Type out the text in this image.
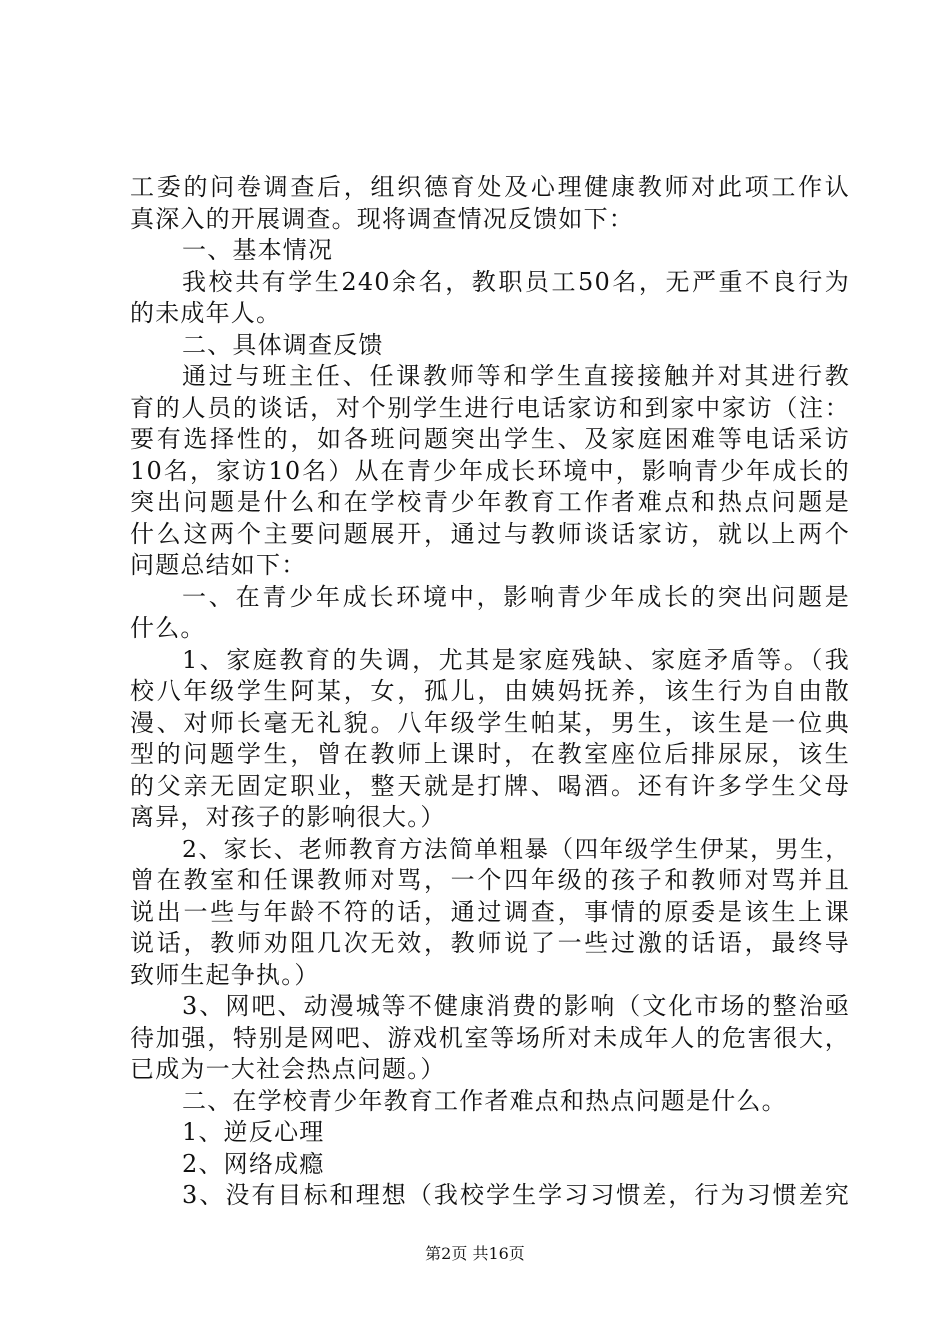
工委的问卷调查后，组织德育处及心理健康教师对此项工作认
真深入的开展调查。现将调查情况反馈如下：
一、基本情况
我校共有学生240余名，教职员工50名，无严重不良行为
的未成年人。
二、具体调查反馈
通过与班主任、任课教师等和学生直接接触并对其进行教
育的人员的谈话，对个别学生进行电话家访和到家中家访（注：
要有选择性的，如各班问题突出学生、及家庭困难等电话采访
10名，家访10名）从在青少年成长环境中，影响青少年成长的
突出问题是什么和在学校青少年教育工作者难点和热点问题是
什么这两个主要问题展开，通过与教师谈话家访，就以上两个
问题总结如下：
一、在青少年成长环境中，影响青少年成长的突出问题是
什么。
1、家庭教育的失调，尤其是家庭残缺、家庭矛盾等。（我
校八年级学生阿某，女，孤儿，由姨妈抚养，该生行为自由散
漫、对师长毫无礼貌。八年级学生帕某，男生，该生是一位典
型的问题学生，曾在教师上课时，在教室座位后排尿尿，该生
的父亲无固定职业，整天就是打牌、喝酒。还有许多学生父母
离异，对孩子的影响很大。）
2、家长、老师教育方法简单粗暴（四年级学生伊某，男生，
曾在教室和任课教师对骂，一个四年级的孩子和教师对骂并且
说出一些与年龄不符的话，通过调查，事情的原委是该生上课
说话，教师劝阻几次无效，教师说了一些过激的话语，最终导
致师生起争执。）
3、网吧、动漫城等不健康消费的影响（文化市场的整治亟
待加强，特别是网吧、游戏机室等场所对未成年人的危害很大，
已成为一大社会热点问题。）
二、在学校青少年教育工作者难点和热点问题是什么。
1、逆反心理
2、网络成瘾
3、没有目标和理想（我校学生学习习惯差，行为习惯差究
第2页 共16页
